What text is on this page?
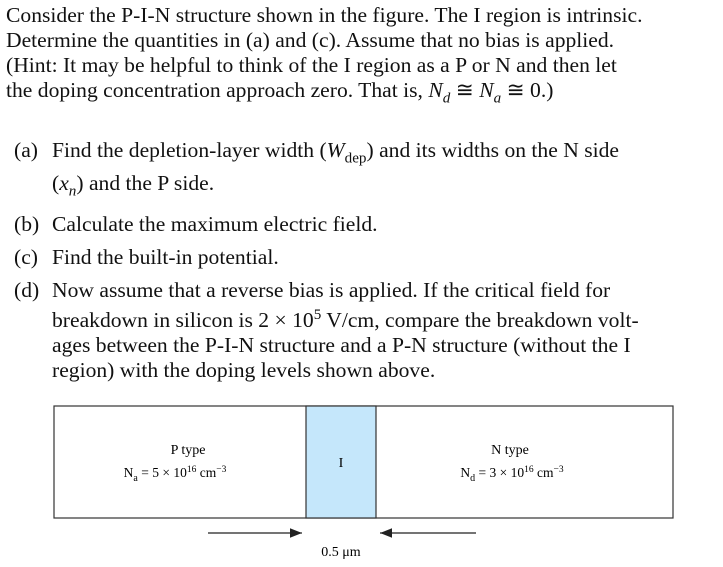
Consider the P-I-N structure shown in the figure. The I region is intrinsic.
Determine the quantities in (a) and (c). Assume that no bias is applied.
(Hint: It may be helpful to think of the I region as a P or N and then let
the doping concentration approach zero. That is, $N_d$ ≅ $N_a$ ≅ 0.)
(a) Find the depletion-layer width $(W_{dep})$ and its widths on the N side
$(x_n)$ and the P side.
(b) Calculate the maximum electric field.
(c) Find the built-in potential.
(d) Now assume that a reverse bias is applied. If the critical field for
breakdown in silicon is $2 \times 10^5$ V/cm, compare the breakdown volt-
ages between the P-I-N structure and a P-N structure (without the I
region) with the doping levels shown above.
P type
$N_a = 5 \times 10^{16}$ $cm^{-3}$	I
N type
$N_d = 3 \times 10^{16}$ $cm^{-3}$
0.5 μm
